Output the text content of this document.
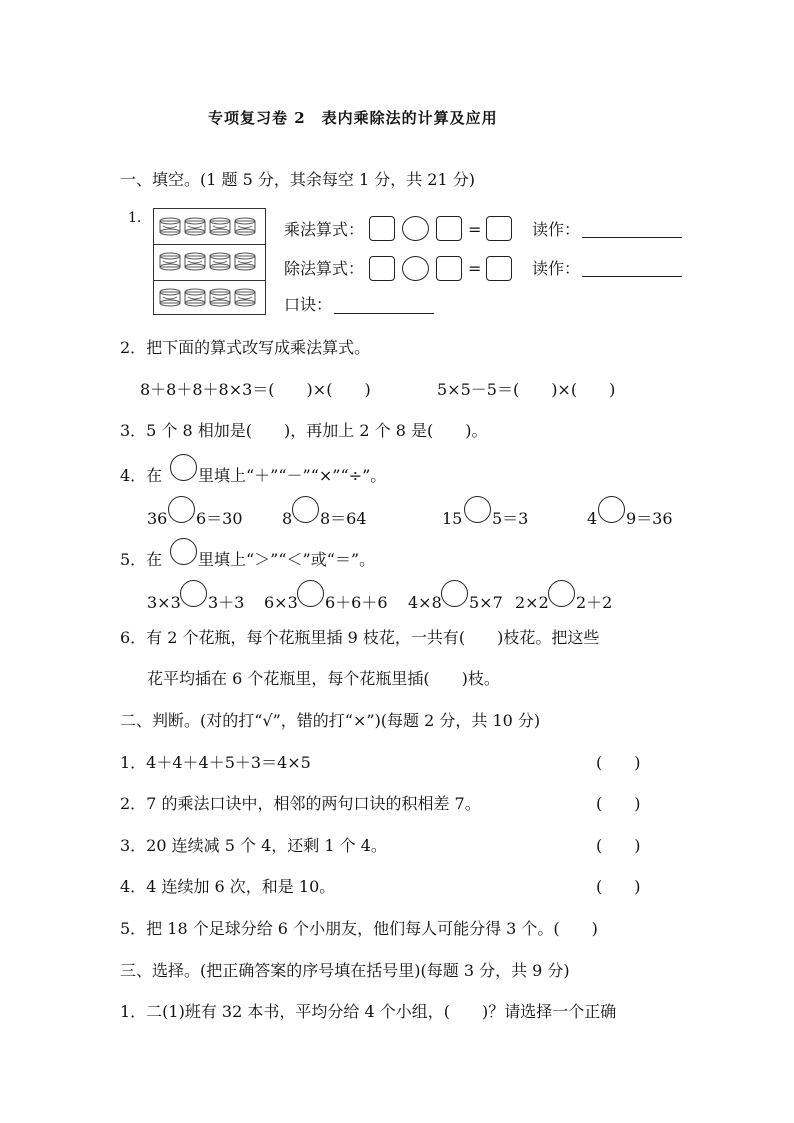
专项复习卷 2　表内乘除法的计算及应用
一、填空。(1 题 5 分，其余每空 1 分，共 21 分)
1.
乘法算式：	=	读作：
除法算式：	=	读作：
口诀：
2．把下面的算式改写成乘法算式。
8＋8＋8＋8×3＝(　　)×(　　)	5×5－5＝(　　)×(　　)
3．5 个 8 相加是(　　)，再加上 2 个 8 是(　　)。
4．在 里填上“＋”“－”“×”“÷”。
36 6＝30 8 8＝64	15 5＝3	4 9＝36
5．在 里填上“＞”“＜”或“＝”。
3×3 3＋3 6×3 6＋6＋6 4×8 5×7 2×2 2＋2
6．有 2 个花瓶，每个花瓶里插 9 枝花，一共有(　　)枝花。把这些
花平均插在 6 个花瓶里，每个花瓶里插(　　)枝。
二、判断。(对的打“√”，错的打“×”)(每题 2 分，共 10 分)
1．4＋4＋4＋5＋3＝4×5	(　　)
2．7 的乘法口诀中，相邻的两句口诀的积相差 7。	(　　)
3．20 连续减 5 个 4，还剩 1 个 4。	(　　)
4．4 连续加 6 次，和是 10。	(　　)
5．把 18 个足球分给 6 个小朋友，他们每人可能分得 3 个。(　　)
三、选择。(把正确答案的序号填在括号里)(每题 3 分，共 9 分)
1．二(1)班有 32 本书，平均分给 4 个小组，(　　)？请选择一个正确
